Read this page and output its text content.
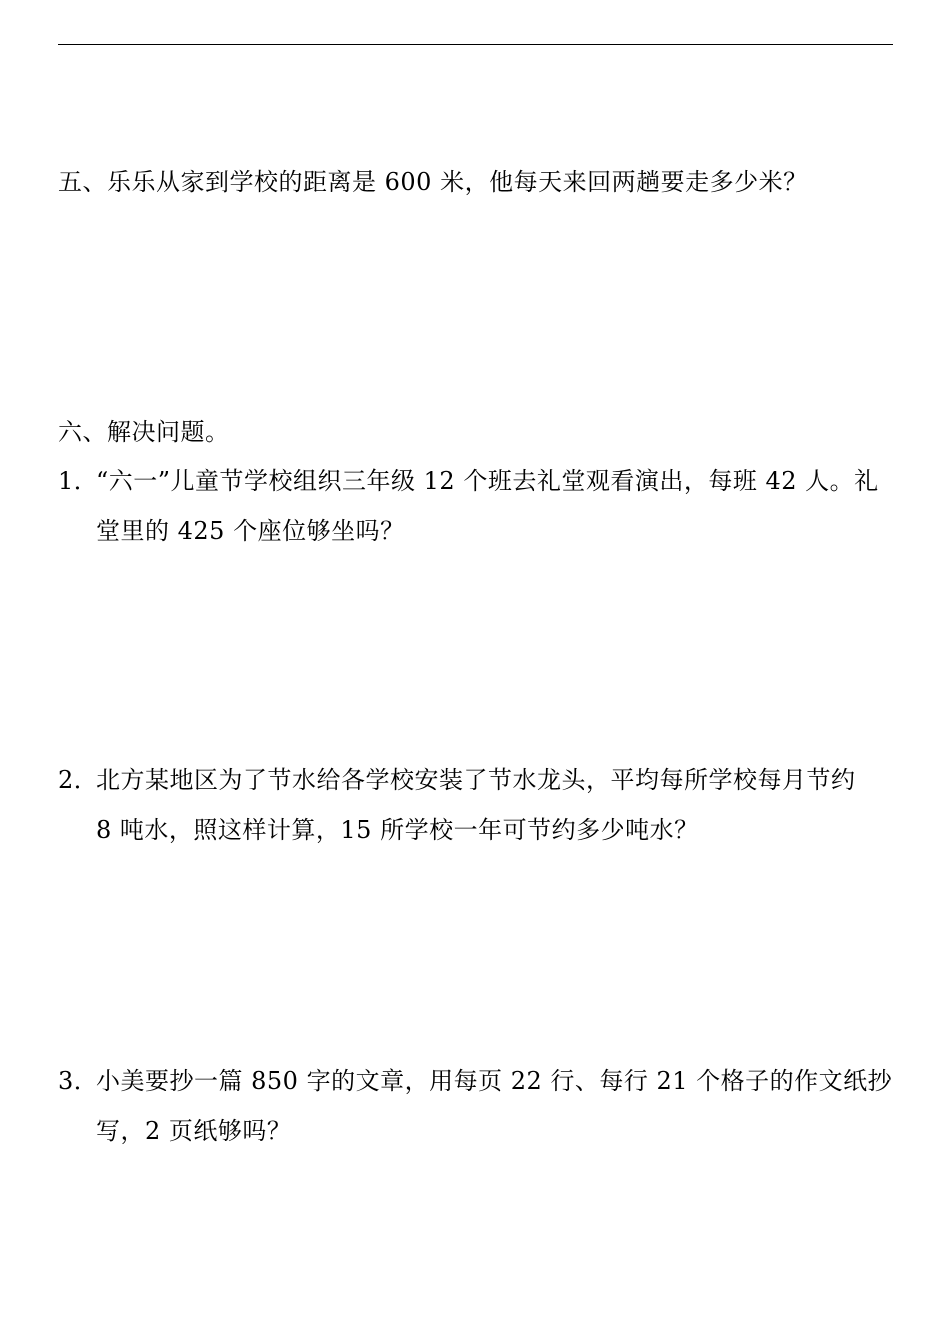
五、乐乐从家到学校的距离是 600 米，他每天来回两趟要走多少米？
六、解决问题。
1．“六一”儿童节学校组织三年级 12 个班去礼堂观看演出，每班 42 人。礼
堂里的 425 个座位够坐吗？
2．北方某地区为了节水给各学校安装了节水龙头，平均每所学校每月节约
8 吨水，照这样计算，15 所学校一年可节约多少吨水？
3．小美要抄一篇 850 字的文章，用每页 22 行、每行 21 个格子的作文纸抄
写，2 页纸够吗？
